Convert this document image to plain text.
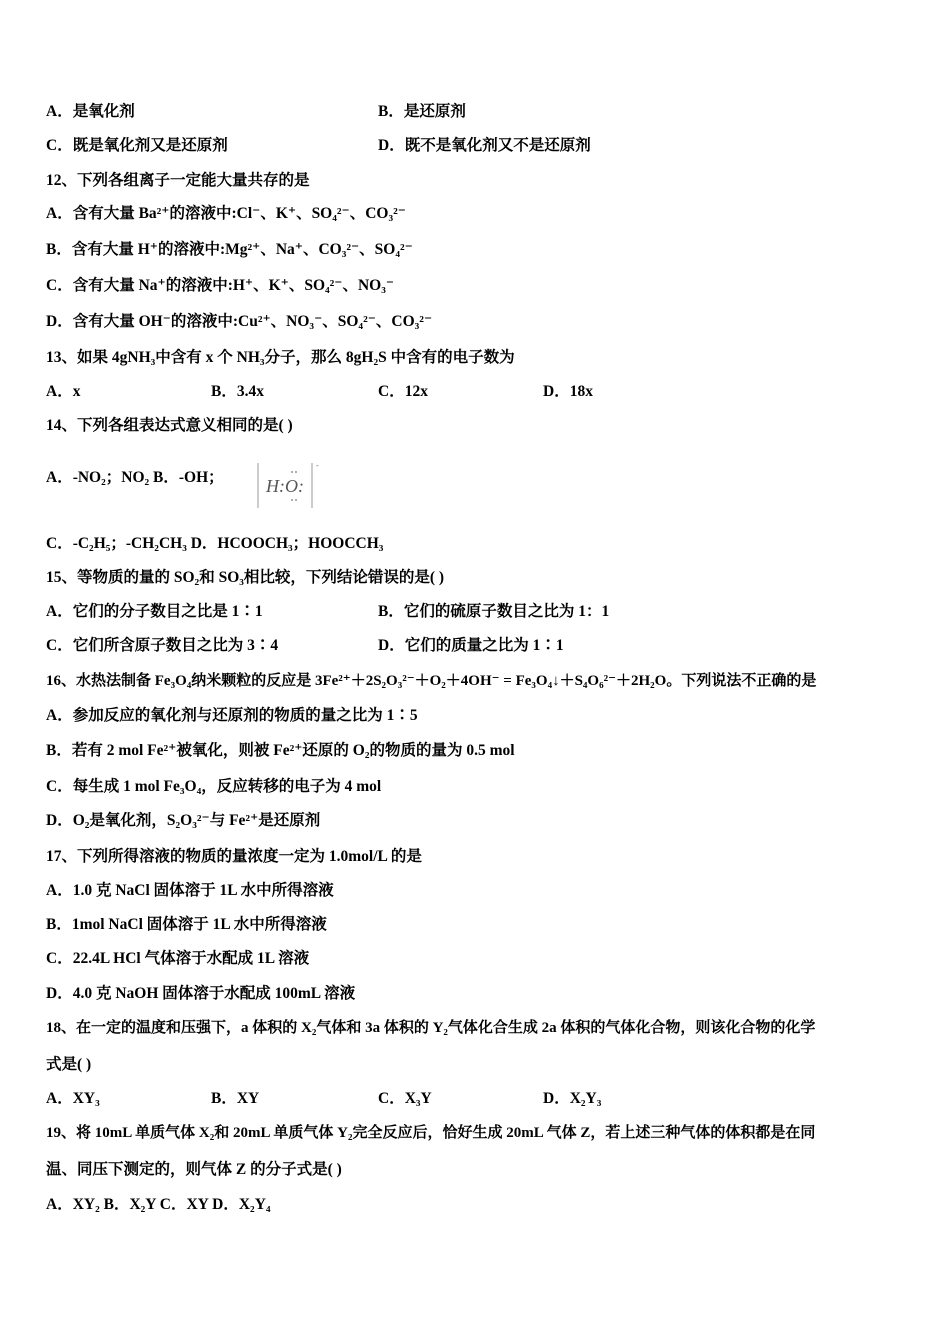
A．是氧化剂	B．是还原剂
C．既是氧化剂又是还原剂	D．既不是氧化剂又不是还原剂
12、下列各组离子一定能大量共存的是
A．含有大量 Ba²⁺的溶液中:Cl⁻、K⁺、SO₄²⁻、CO₃²⁻
B．含有大量 H⁺的溶液中:Mg²⁺、Na⁺、CO₃²⁻、SO₄²⁻
C．含有大量 Na⁺的溶液中:H⁺、K⁺、SO₄²⁻、NO₃⁻
D．含有大量 OH⁻的溶液中:Cu²⁺、NO₃⁻、SO₄²⁻、CO₃²⁻
13、如果 4gNH₃中含有 x 个 NH₃分子，那么 8gH₂S 中含有的电子数为
A．x	B．3.4x	C．12x	D．18x
14、下列各组表达式意义相同的是( )
A．-NO₂；NO₂ B．-OH；
-
H:O:
C．-C₂H₅；-CH₂CH₃ D．HCOOCH₃；HOOCCH₃
15、等物质的量的 SO₂和 SO₃相比较，下列结论错误的是( )
A．它们的分子数目之比是 1∶1	B．它们的硫原子数目之比为 1：1
C．它们所含原子数目之比为 3∶4	D．它们的质量之比为 1∶1
16、水热法制备 Fe₃O₄纳米颗粒的反应是 3Fe²⁺＋2S₂O₃²⁻＋O₂＋4OH⁻ = Fe₃O₄↓＋S₄O₆²⁻＋2H₂O。下列说法不正确的是
A．参加反应的氧化剂与还原剂的物质的量之比为 1∶5
B．若有 2 mol Fe²⁺被氧化，则被 Fe²⁺还原的 O₂的物质的量为 0.5 mol
C．每生成 1 mol Fe₃O₄，反应转移的电子为 4 mol
D．O₂是氧化剂，S₂O₃²⁻与 Fe²⁺是还原剂
17、下列所得溶液的物质的量浓度一定为 1.0mol/L 的是
A．1.0 克 NaCl 固体溶于 1L 水中所得溶液
B．1mol NaCl 固体溶于 1L 水中所得溶液
C．22.4L HCl 气体溶于水配成 1L 溶液
D．4.0 克 NaOH 固体溶于水配成 100mL 溶液
18、在一定的温度和压强下，a 体积的 X₂气体和 3a 体积的 Y₂气体化合生成 2a 体积的气体化合物，则该化合物的化学
式是( )
A．XY₃	B．XY	C．X₃Y	D．X₂Y₃
19、将 10mL 单质气体 X₂和 20mL 单质气体 Y₂完全反应后，恰好生成 20mL 气体 Z，若上述三种气体的体积都是在同
温、同压下测定的，则气体 Z 的分子式是( )
A．XY₂ B．X₂Y C．XY D．X₂Y₄
